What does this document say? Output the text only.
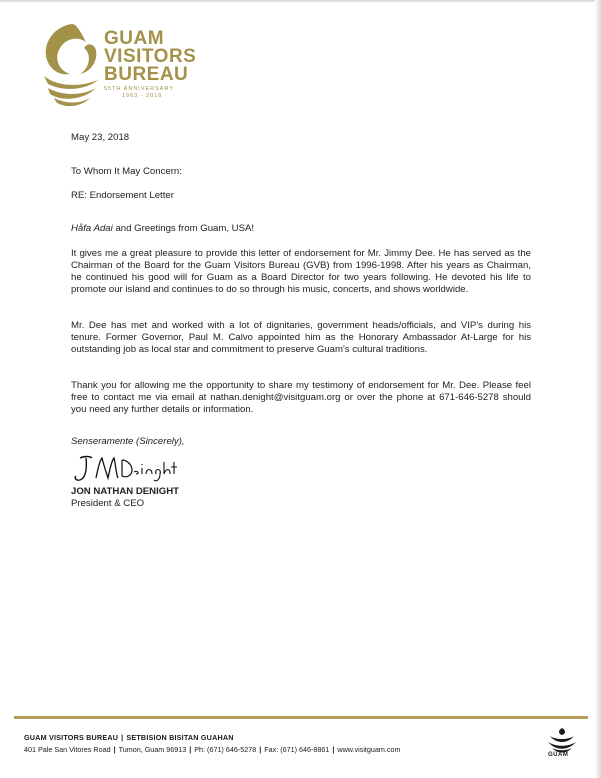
GUAM
VISITORS
BUREAU
55TH ANNIVERSARY
1963 · 2018
May 23, 2018
To Whom It May Concern:
RE: Endorsement Letter
Håfa Adai and Greetings from Guam, USA!
It gives me a great pleasure to provide this letter of endorsement for Mr. Jimmy Dee. He has served as the Chairman of the Board for the Guam Visitors Bureau (GVB) from 1996-1998. After his years as Chairman, he continued his good will for Guam as a Board Director for two years following. He devoted his life to promote our island and continues to do so through his music, concerts, and shows worldwide.
Mr. Dee has met and worked with a lot of dignitaries, government heads/officials, and VIP's during his tenure. Former Governor, Paul M. Calvo appointed him as the Honorary Ambassador At-Large for his outstanding job as local star and commitment to preserve Guam's cultural traditions.
Thank you for allowing me the opportunity to share my testimony of endorsement for Mr. Dee. Please feel free to contact me via email at nathan.denight@visitguam.org or over the phone at 671-646-5278 should you need any further details or information.
Senseramente (Sincerely),
JON NATHAN DENIGHT
President & CEO
GUAM VISITORS BUREAU | SETBISION BISITAN GUAHAN
401 Pale San Vitores Road | Tumon, Guam 96913 | Ph: (671) 646-5278 | Fax: (671) 646-8861 | www.visitguam.com
GUAM
